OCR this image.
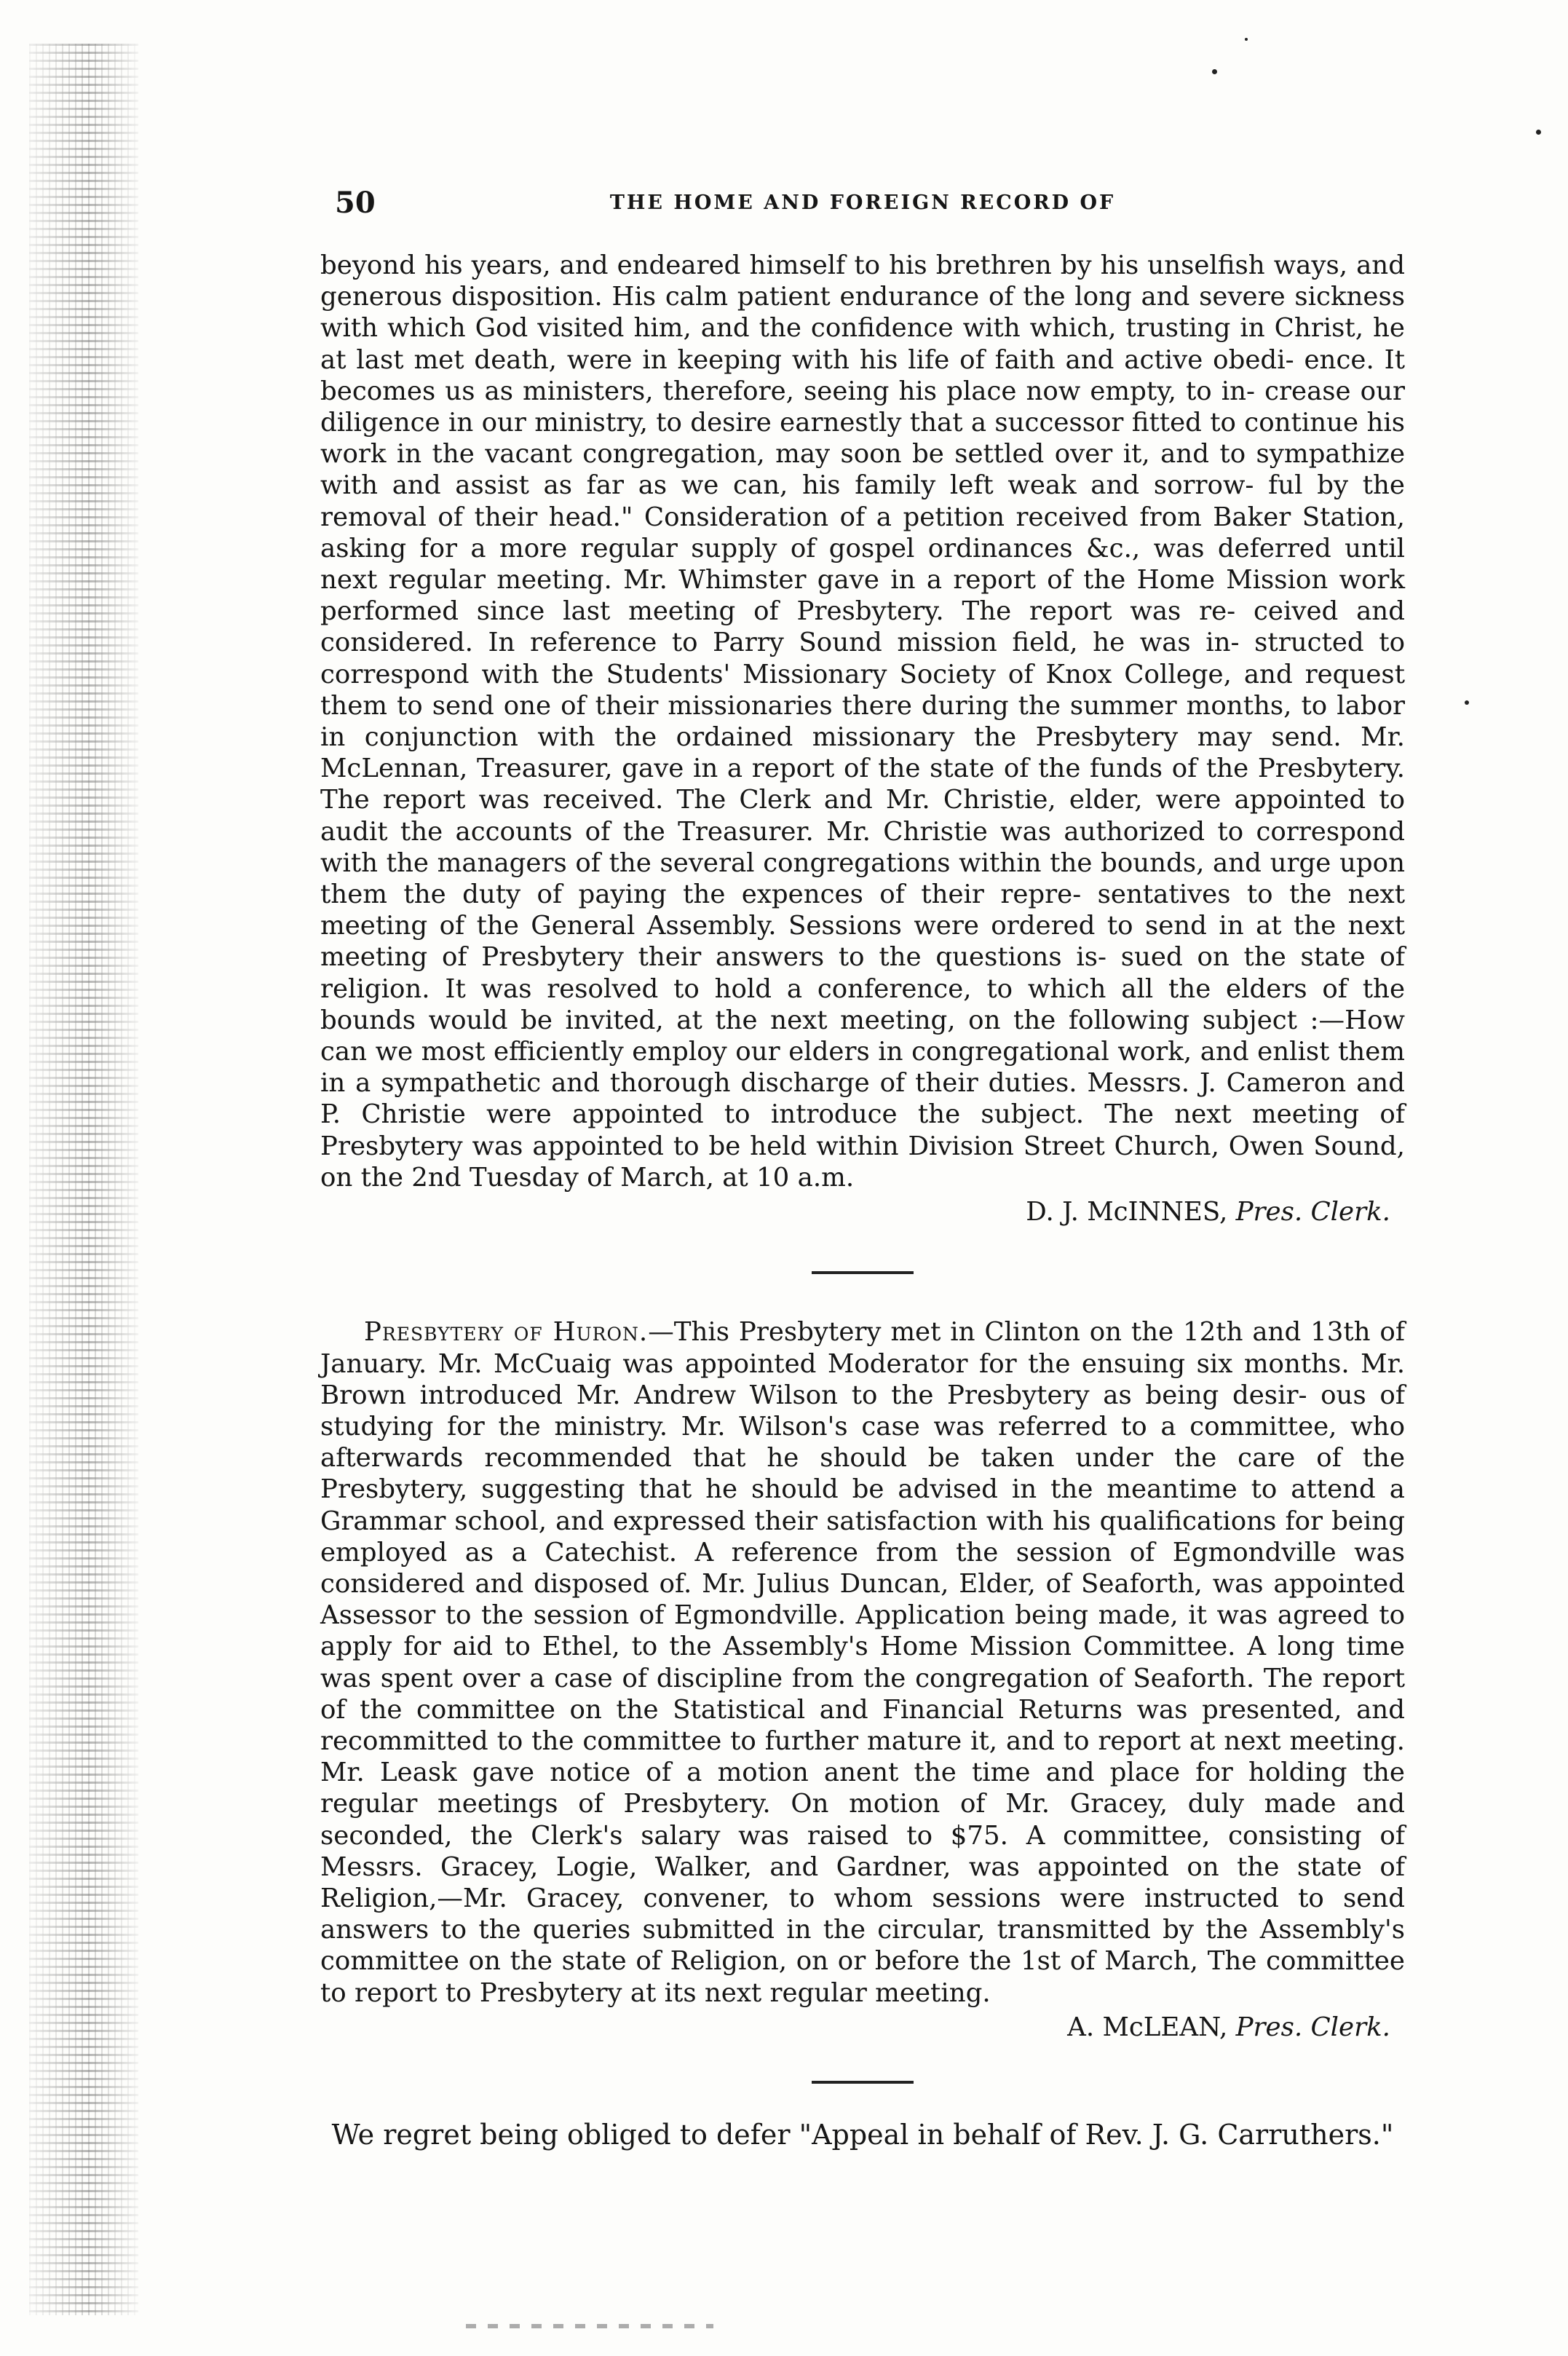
50	THE HOME AND FOREIGN RECORD OF

beyond his years, and endeared himself to his brethren by his unselfish ways, and generous disposition. His calm patient endurance of the long and severe sickness with which God visited him, and the confidence with which, trusting in Christ, he at last met death, were in keeping with his life of faith and active obedi- ence. It becomes us as ministers, therefore, seeing his place now empty, to in- crease our diligence in our ministry, to desire earnestly that a successor fitted to continue his work in the vacant congregation, may soon be settled over it, and to sympathize with and assist as far as we can, his family left weak and sorrow- ful by the removal of their head." Consideration of a petition received from Baker Station, asking for a more regular supply of gospel ordinances &c., was deferred until next regular meeting. Mr. Whimster gave in a report of the Home Mission work performed since last meeting of Presbytery. The report was re- ceived and considered. In reference to Parry Sound mission field, he was in- structed to correspond with the Students' Missionary Society of Knox College, and request them to send one of their missionaries there during the summer months, to labor in conjunction with the ordained missionary the Presbytery may send. Mr. McLennan, Treasurer, gave in a report of the state of the funds of the Presbytery. The report was received. The Clerk and Mr. Christie, elder, were appointed to audit the accounts of the Treasurer. Mr. Christie was authorized to correspond with the managers of the several congregations within the bounds, and urge upon them the duty of paying the expences of their repre- sentatives to the next meeting of the General Assembly. Sessions were ordered to send in at the next meeting of Presbytery their answers to the questions is- sued on the state of religion. It was resolved to hold a conference, to which all the elders of the bounds would be invited, at the next meeting, on the following subject :—How can we most efficiently employ our elders in congregational work, and enlist them in a sympathetic and thorough discharge of their duties. Messrs. J. Cameron and P. Christie were appointed to introduce the subject. The next meeting of Presbytery was appointed to be held within Division Street Church, Owen Sound, on the 2nd Tuesday of March, at 10 a.m.

D. J. McINNES, Pres. Clerk.

Presbytery of Huron.—This Presbytery met in Clinton on the 12th and 13th of January. Mr. McCuaig was appointed Moderator for the ensuing six months. Mr. Brown introduced Mr. Andrew Wilson to the Presbytery as being desir- ous of studying for the ministry. Mr. Wilson's case was referred to a committee, who afterwards recommended that he should be taken under the care of the Presbytery, suggesting that he should be advised in the meantime to attend a Grammar school, and expressed their satisfaction with his qualifications for being employed as a Catechist. A reference from the session of Egmondville was considered and disposed of. Mr. Julius Duncan, Elder, of Seaforth, was appointed Assessor to the session of Egmondville. Application being made, it was agreed to apply for aid to Ethel, to the Assembly's Home Mission Committee. A long time was spent over a case of discipline from the congregation of Seaforth. The report of the committee on the Statistical and Financial Returns was presented, and recommitted to the committee to further mature it, and to report at next meeting. Mr. Leask gave notice of a motion anent the time and place for holding the regular meetings of Presbytery. On motion of Mr. Gracey, duly made and seconded, the Clerk's salary was raised to $75. A committee, consisting of Messrs. Gracey, Logie, Walker, and Gardner, was appointed on the state of Religion,—Mr. Gracey, convener, to whom sessions were instructed to send answers to the queries submitted in the circular, transmitted by the Assembly's committee on the state of Religion, on or before the 1st of March, The committee to report to Presbytery at its next regular meeting.

A. McLEAN, Pres. Clerk.

We regret being obliged to defer "Appeal in behalf of Rev. J. G. Carruthers."
